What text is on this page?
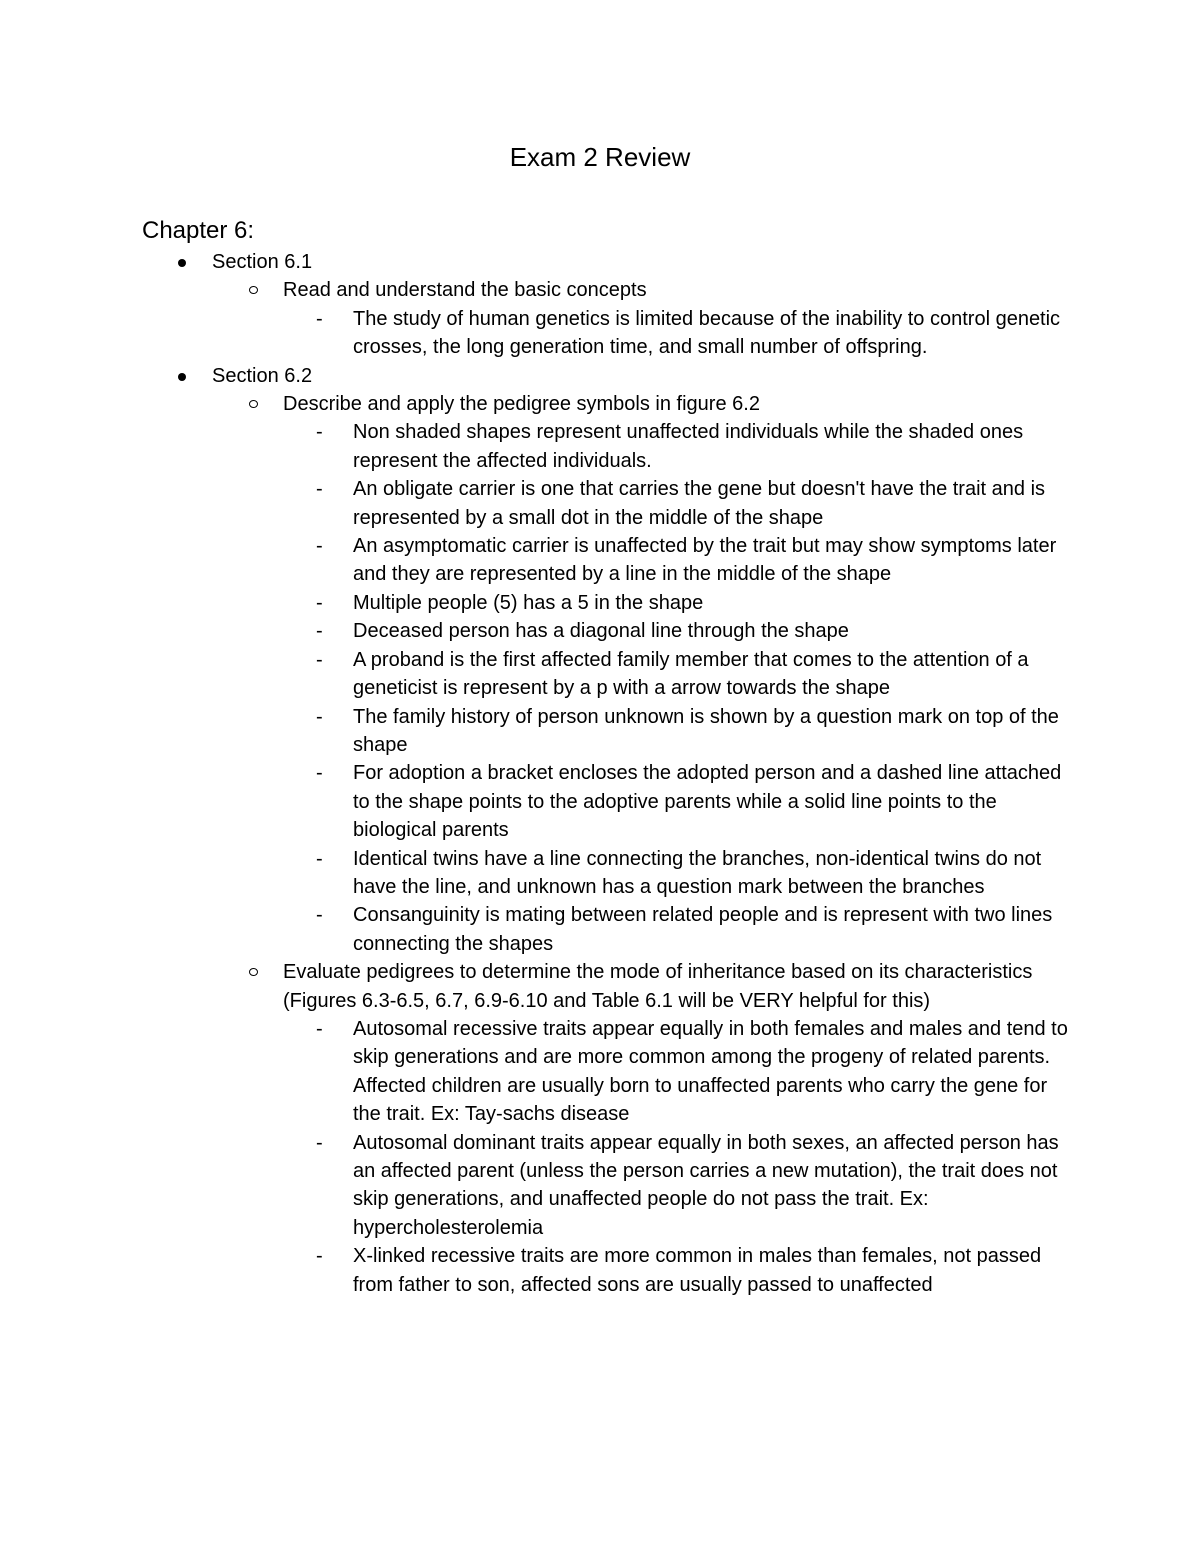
Exam 2 Review
Chapter 6:
Section 6.1
Read and understand the basic concepts
- The study of human genetics is limited because of the inability to control genetic crosses, the long generation time, and small number of offspring.
Section 6.2
Describe and apply the pedigree symbols in figure 6.2
- Non shaded shapes represent unaffected individuals while the shaded ones represent the affected individuals.
- An obligate carrier is one that carries the gene but doesn't have the trait and is represented by a small dot in the middle of the shape
- An asymptomatic carrier is unaffected by the trait but may show symptoms later and they are represented by a line in the middle of the shape
- Multiple people (5) has a 5 in the shape
- Deceased person has a diagonal line through the shape
- A proband is the first affected family member that comes to the attention of a geneticist is represent by a p with a arrow towards the shape
- The family history of person unknown is shown by a question mark on top of the shape
- For adoption a bracket encloses the adopted person and a dashed line attached to the shape points to the adoptive parents while a solid line points to the biological parents
- Identical twins have a line connecting the branches, non-identical twins do not have the line, and unknown has a question mark between the branches
- Consanguinity is mating between related people and is represent with two lines connecting the shapes
Evaluate pedigrees to determine the mode of inheritance based on its characteristics (Figures 6.3-6.5, 6.7, 6.9-6.10 and Table 6.1 will be VERY helpful for this)
- Autosomal recessive traits appear equally in both females and males and tend to skip generations and are more common among the progeny of related parents. Affected children are usually born to unaffected parents who carry the gene for the trait. Ex: Tay-sachs disease
- Autosomal dominant traits appear equally in both sexes, an affected person has an affected parent (unless the person carries a new mutation), the trait does not skip generations, and unaffected people do not pass the trait. Ex: hypercholesterolemia
- X-linked recessive traits are more common in males than females, not passed from father to son, affected sons are usually passed to unaffected
